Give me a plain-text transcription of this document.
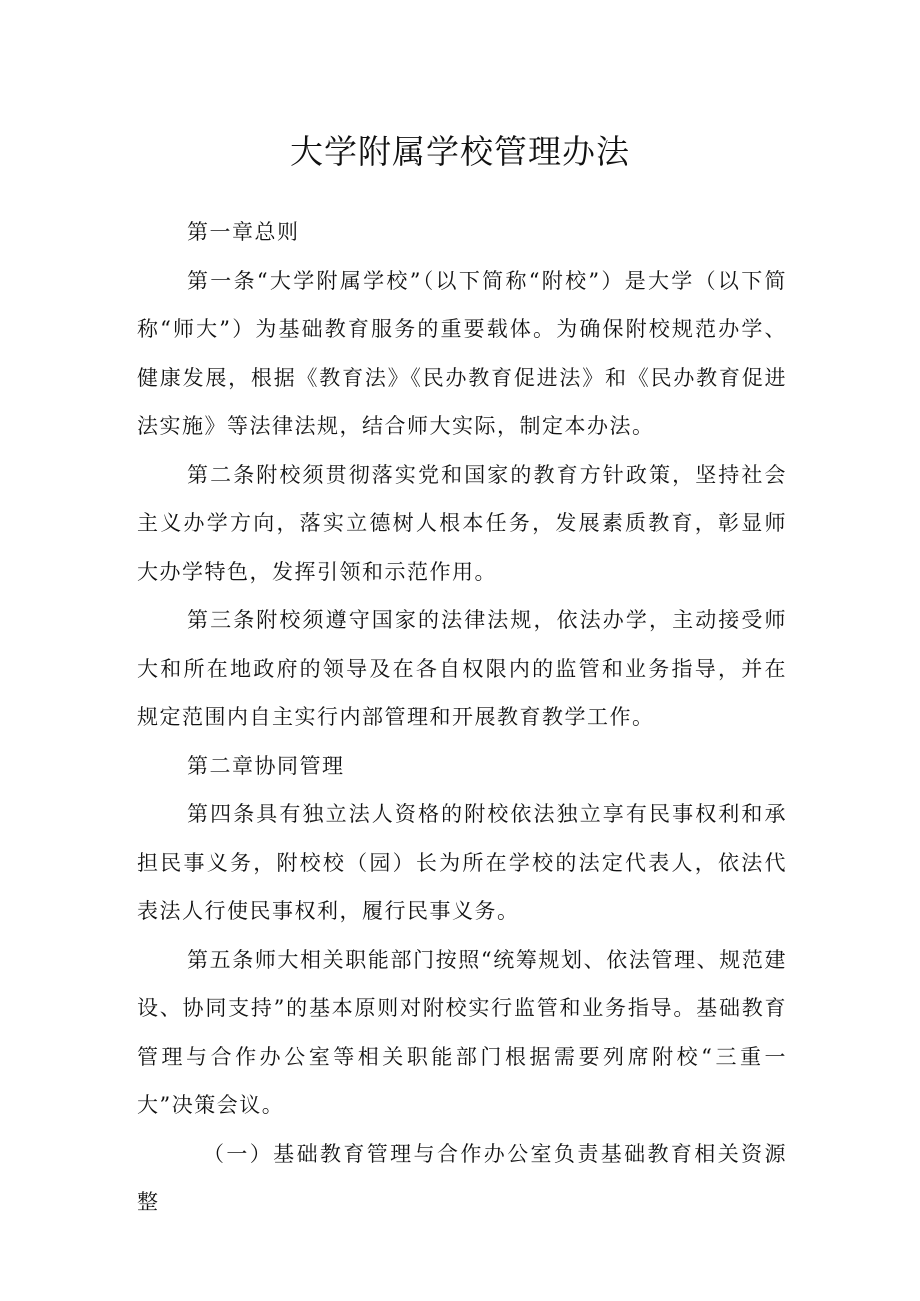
大学附属学校管理办法

第一章总则

第一条“大学附属学校”（以下简称“附校”）是大学（以下简称“师大”）为基础教育服务的重要载体。为确保附校规范办学、健康发展，根据《教育法》《民办教育促进法》和《民办教育促进法实施》等法律法规，结合师大实际，制定本办法。

第二条附校须贯彻落实党和国家的教育方针政策，坚持社会主义办学方向，落实立德树人根本任务，发展素质教育，彰显师大办学特色，发挥引领和示范作用。

第三条附校须遵守国家的法律法规，依法办学，主动接受师大和所在地政府的领导及在各自权限内的监管和业务指导，并在规定范围内自主实行内部管理和开展教育教学工作。

第二章协同管理

第四条具有独立法人资格的附校依法独立享有民事权利和承担民事义务，附校校（园）长为所在学校的法定代表人，依法代表法人行使民事权利，履行民事义务。

第五条师大相关职能部门按照“统筹规划、依法管理、规范建设、协同支持”的基本原则对附校实行监管和业务指导。基础教育管理与合作办公室等相关职能部门根据需要列席附校“三重一大”决策会议。

（一）基础教育管理与合作办公室负责基础教育相关资源整
